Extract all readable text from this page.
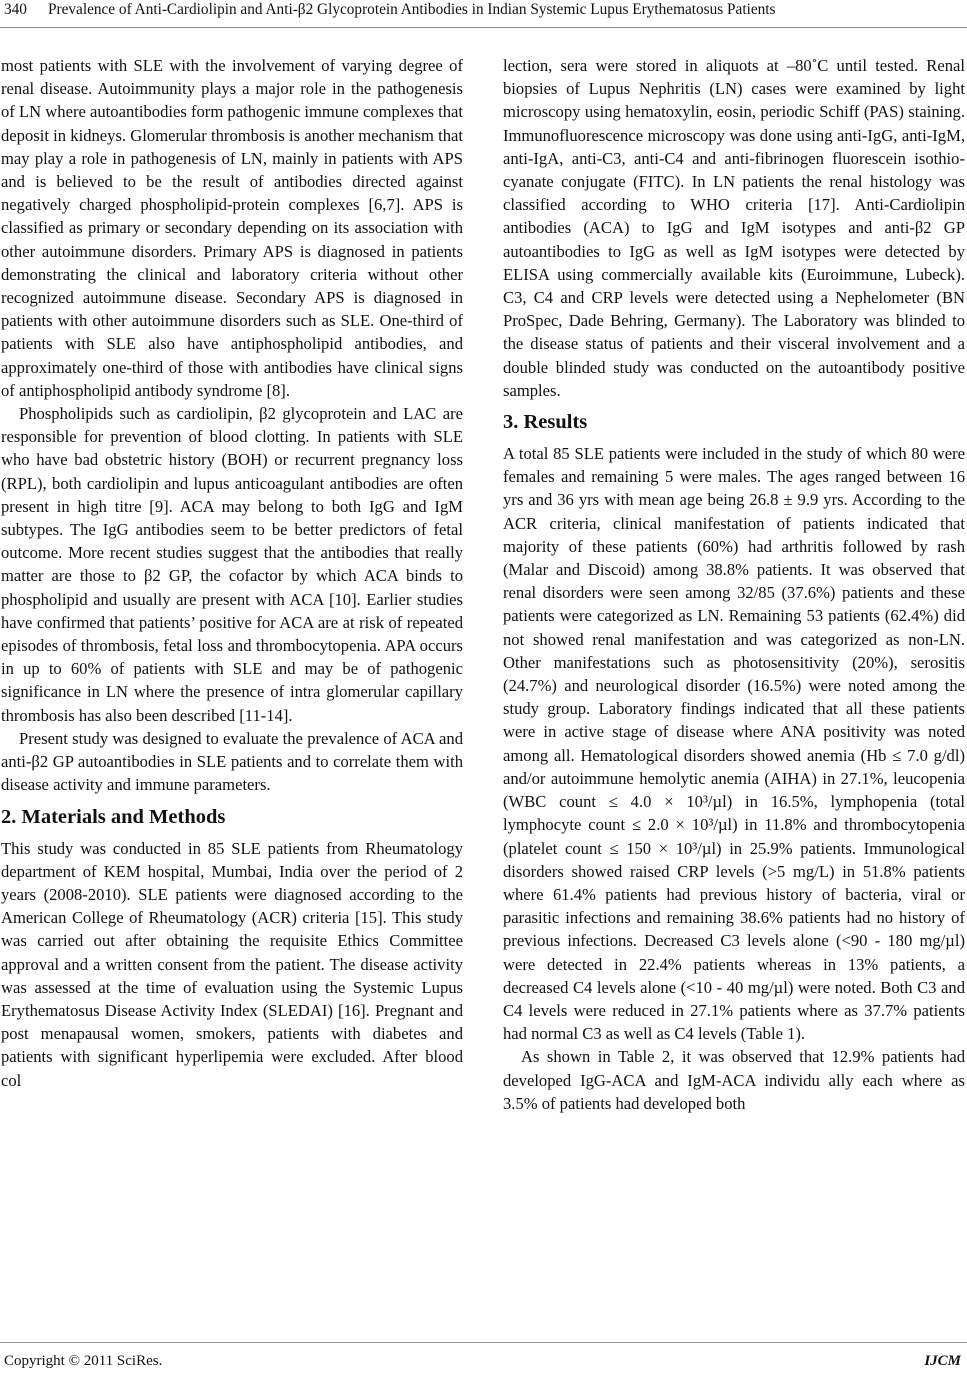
340 Prevalence of Anti-Cardiolipin and Anti-β2 Glycoprotein Antibodies in Indian Systemic Lupus Erythematosus Patients

most patients with SLE with the involvement of varying degree of renal disease. Autoimmunity plays a major role in the pathogenesis of LN where autoantibodies form pathogenic immune complexes that deposit in kidneys. Glomerular thrombosis is another mechanism that may play a role in pathogenesis of LN, mainly in patients with APS and is believed to be the result of antibodies directed against negatively charged phospholipid-protein complexes [6,7]. APS is classified as primary or secondary depending on its association with other autoimmune disorders. Primary APS is diagnosed in patients demonstrating the clinical and laboratory criteria without other recognized autoimmune disease. Secondary APS is diagnosed in patients with other autoimmune disorders such as SLE. One-third of patients with SLE also have antiphospholipid antibodies, and approximately one-third of those with antibodies have clinical signs of antiphospholipid antibody syndrome [8].

Phospholipids such as cardiolipin, β2 glycoprotein and LAC are responsible for prevention of blood clotting. In patients with SLE who have bad obstetric history (BOH) or recurrent pregnancy loss (RPL), both cardiolipin and lupus anticoagulant antibodies are often present in high titre [9]. ACA may belong to both IgG and IgM subtypes. The IgG antibodies seem to be better predictors of fetal outcome. More recent studies suggest that the antibodies that really matter are those to β2 GP, the cofactor by which ACA binds to phospholipid and usually are present with ACA [10]. Earlier studies have confirmed that patients’ positive for ACA are at risk of repeated episodes of thrombosis, fetal loss and thrombocytopenia. APA occurs in up to 60% of patients with SLE and may be of pathogenic significance in LN where the presence of intra glomerular capillary thrombosis has also been described [11-14].

Present study was designed to evaluate the prevalence of ACA and anti-β2 GP autoantibodies in SLE patients and to correlate them with disease activity and immune parameters.

2. Materials and Methods

This study was conducted in 85 SLE patients from Rheumatology department of KEM hospital, Mumbai, India over the period of 2 years (2008-2010). SLE patients were diagnosed according to the American College of Rheumatology (ACR) criteria [15]. This study was carried out after obtaining the requisite Ethics Committee approval and a written consent from the patient. The disease activity was assessed at the time of evaluation using the Systemic Lupus Erythematosus Disease Activity Index (SLEDAI) [16]. Pregnant and post menapausal women, smokers, patients with diabetes and patients with significant hyperlipemia were excluded. After blood col

lection, sera were stored in aliquots at –80˚C until tested. Renal biopsies of Lupus Nephritis (LN) cases were examined by light microscopy using hematoxylin, eosin, periodic Schiff (PAS) staining. Immunofluorescence microscopy was done using anti-IgG, anti-IgM, anti-IgA, anti-C3, anti-C4 and anti-fibrinogen fluorescein isothiocyanate conjugate (FITC). In LN patients the renal histology was classified according to WHO criteria [17]. Anti-Cardiolipin antibodies (ACA) to IgG and IgM isotypes and anti-β2 GP autoantibodies to IgG as well as IgM isotypes were detected by ELISA using commercially available kits (Euroimmune, Lubeck). C3, C4 and CRP levels were detected using a Nephelometer (BN ProSpec, Dade Behring, Germany). The Laboratory was blinded to the disease status of patients and their visceral involvement and a double blinded study was conducted on the autoantibody positive samples.

3. Results

A total 85 SLE patients were included in the study of which 80 were females and remaining 5 were males. The ages ranged between 16 yrs and 36 yrs with mean age being 26.8 ± 9.9 yrs. According to the ACR criteria, clinical manifestation of patients indicated that majority of these patients (60%) had arthritis followed by rash (Malar and Discoid) among 38.8% patients. It was observed that renal disorders were seen among 32/85 (37.6%) patients and these patients were categorized as LN. Remaining 53 patients (62.4%) did not showed renal manifestation and was categorized as non-LN. Other manifestations such as photosensitivity (20%), serositis (24.7%) and neurological disorder (16.5%) were noted among the study group. Laboratory findings indicated that all these patients were in active stage of disease where ANA positivity was noted among all. Hematological disorders showed anemia (Hb ≤ 7.0 g/dl) and/or autoimmune hemolytic anemia (AIHA) in 27.1%, leucopenia (WBC count ≤ 4.0 × 10³/µl) in 16.5%, lymphopenia (total lymphocyte count ≤ 2.0 × 10³/µl) in 11.8% and thrombocytopenia (platelet count ≤ 150 × 10³/µl) in 25.9% patients. Immunological disorders showed raised CRP levels (>5 mg/L) in 51.8% patients where 61.4% patients had previous history of bacteria, viral or parasitic infections and remaining 38.6% patients had no history of previous infections. Decreased C3 levels alone (<90 - 180 mg/µl) were detected in 22.4% patients whereas in 13% patients, a decreased C4 levels alone (<10 - 40 mg/µl) were noted. Both C3 and C4 levels were reduced in 27.1% patients where as 37.7% patients had normal C3 as well as C4 levels (Table 1).

As shown in Table 2, it was observed that 12.9% patients had developed IgG-ACA and IgM-ACA individu ally each where as 3.5% of patients had developed both

Copyright © 2011 SciRes.	IJCM
